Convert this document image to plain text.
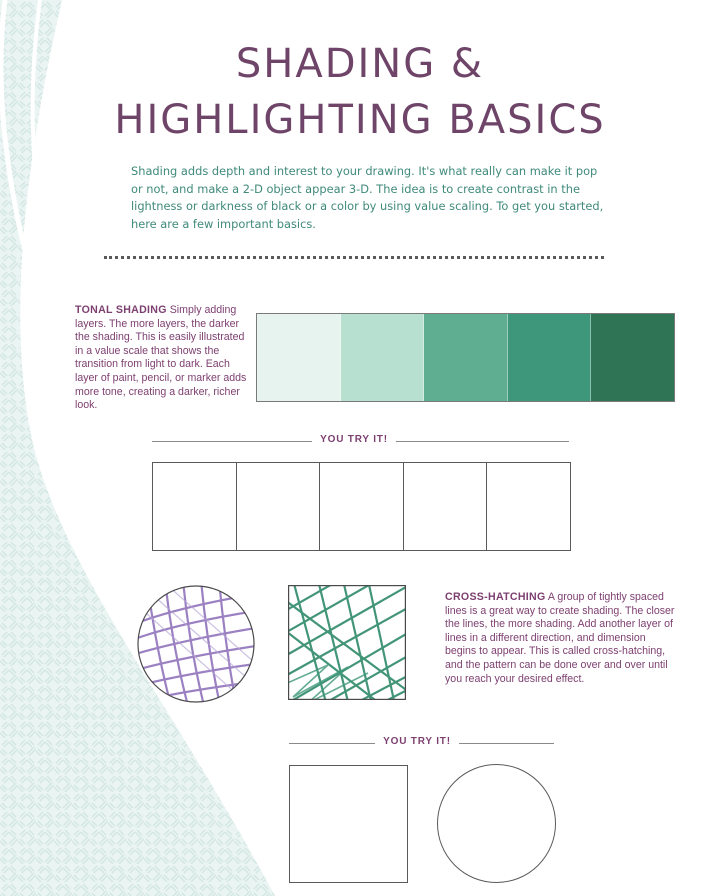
SHADING &
HIGHLIGHTING BASICS

Shading adds depth and interest to your drawing. It's what really can make it pop or not, and make a 2-D object appear 3-D. The idea is to create contrast in the lightness or darkness of black or a color by using value scaling. To get you started, here are a few important basics.

TONAL SHADING Simply adding layers. The more layers, the darker the shading. This is easily illustrated in a value scale that shows the transition from light to dark. Each layer of paint, pencil, or marker adds more tone, creating a darker, richer look.

YOU TRY IT!

CROSS-HATCHING A group of tightly spaced lines is a great way to create shading. The closer the lines, the more shading. Add another layer of lines in a different direction, and dimension begins to appear. This is called cross-hatching, and the pattern can be done over and over until you reach your desired effect.

YOU TRY IT!
